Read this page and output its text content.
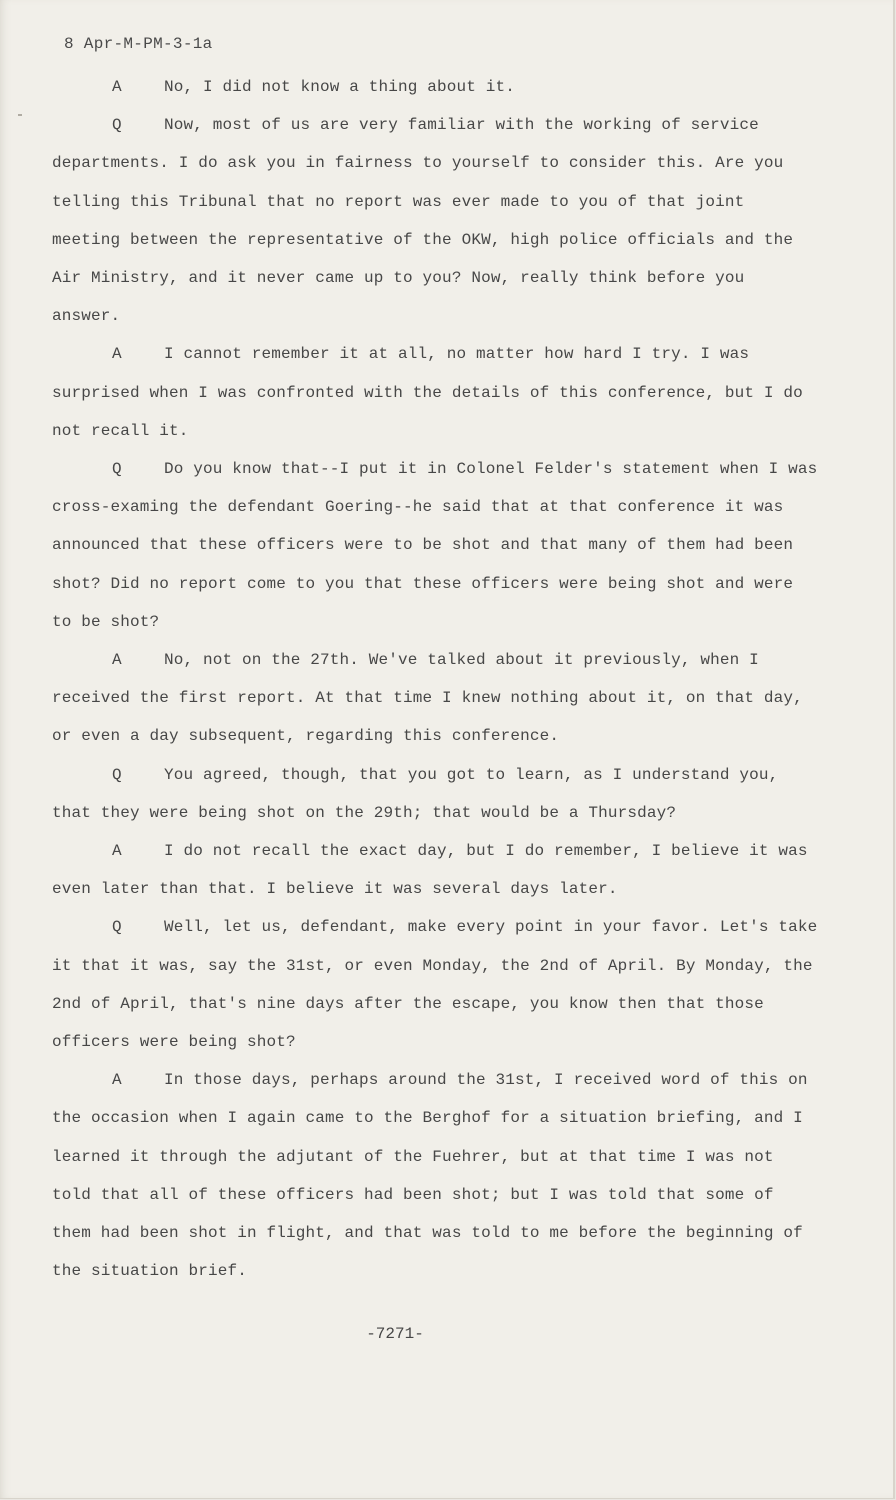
8 Apr-M-PM-3-1a

A	No, I did not know a thing about it.

Q	Now, most of us are very familiar with the working of service departments. I do ask you in fairness to yourself to consider this. Are you telling this Tribunal that no report was ever made to you of that joint meeting between the representative of the OKW, high police officials and the Air Ministry, and it never came up to you? Now, really think before you answer.

A	I cannot remember it at all, no matter how hard I try. I was surprised when I was confronted with the details of this conference, but I do not recall it.

Q	Do you know that--I put it in Colonel Felder's statement when I was cross-examing the defendant Goering--he said that at that conference it was announced that these officers were to be shot and that many of them had been shot? Did no report come to you that these officers were being shot and were to be shot?

A	No, not on the 27th. We've talked about it previously, when I received the first report. At that time I knew nothing about it, on that day, or even a day subsequent, regarding this conference.

Q	You agreed, though, that you got to learn, as I understand you, that they were being shot on the 29th; that would be a Thursday?

A	I do not recall the exact day, but I do remember, I believe it was even later than that. I believe it was several days later.

Q	Well, let us, defendant, make every point in your favor. Let's take it that it was, say the 31st, or even Monday, the 2nd of April. By Monday, the 2nd of April, that's nine days after the escape, you know then that those officers were being shot?

A	In those days, perhaps around the 31st, I received word of this on the occasion when I again came to the Berghof for a situation briefing, and I learned it through the adjutant of the Fuehrer, but at that time I was not told that all of these officers had been shot; but I was told that some of them had been shot in flight, and that was told to me before the beginning of the situation brief.

-7271-
